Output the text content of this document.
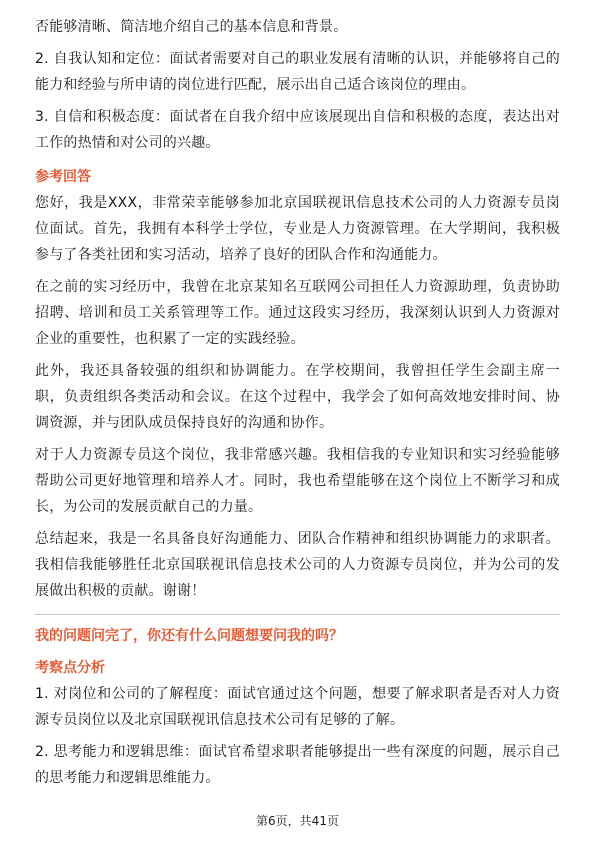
否能够清晰、简洁地介绍自己的基本信息和背景。

2. 自我认知和定位：面试者需要对自己的职业发展有清晰的认识，并能够将自己的能力和经验与所申请的岗位进行匹配，展示出自己适合该岗位的理由。

3. 自信和积极态度：面试者在自我介绍中应该展现出自信和积极的态度，表达出对工作的热情和对公司的兴趣。

参考回答

您好，我是XXX，非常荣幸能够参加北京国联视讯信息技术公司的人力资源专员岗位面试。首先，我拥有本科学士学位，专业是人力资源管理。在大学期间，我积极参与了各类社团和实习活动，培养了良好的团队合作和沟通能力。

在之前的实习经历中，我曾在北京某知名互联网公司担任人力资源助理，负责协助招聘、培训和员工关系管理等工作。通过这段实习经历，我深刻认识到人力资源对企业的重要性，也积累了一定的实践经验。

此外，我还具备较强的组织和协调能力。在学校期间，我曾担任学生会副主席一职，负责组织各类活动和会议。在这个过程中，我学会了如何高效地安排时间、协调资源，并与团队成员保持良好的沟通和协作。

对于人力资源专员这个岗位，我非常感兴趣。我相信我的专业知识和实习经验能够帮助公司更好地管理和培养人才。同时，我也希望能够在这个岗位上不断学习和成长，为公司的发展贡献自己的力量。

总结起来，我是一名具备良好沟通能力、团队合作精神和组织协调能力的求职者。我相信我能够胜任北京国联视讯信息技术公司的人力资源专员岗位，并为公司的发展做出积极的贡献。谢谢！

我的问题问完了，你还有什么问题想要问我的吗？

考察点分析

1. 对岗位和公司的了解程度：面试官通过这个问题，想要了解求职者是否对人力资源专员岗位以及北京国联视讯信息技术公司有足够的了解。

2. 思考能力和逻辑思维：面试官希望求职者能够提出一些有深度的问题，展示自己的思考能力和逻辑思维能力。

第6页，共41页
